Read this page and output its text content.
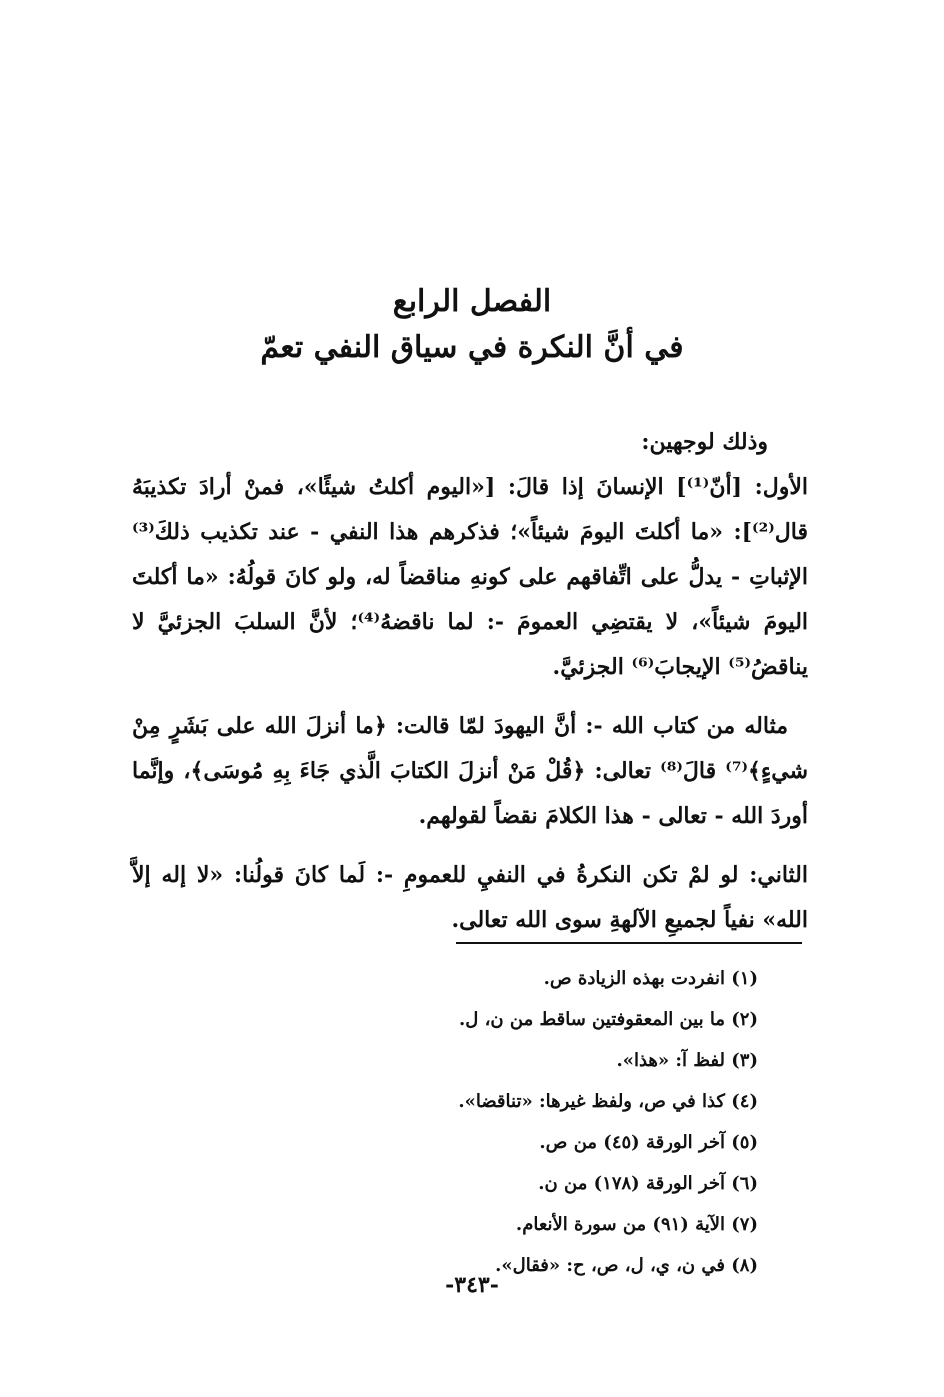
الفصل الرابع
في أنَّ النكرة في سياق النفي تعمّ

وذلك لوجهين:

الأول: [أنّ⁽¹⁾] الإنسانَ إذا قالَ: [«اليوم أكلتُ شيئًا»، فمنْ أرادَ تكذيبَهُ قال⁽²⁾]: «ما أكلتَ اليومَ شيئاً»؛ فذكرهم هذا النفي - عند تكذيب ذلكَ⁽³⁾ الإثباتِ - يدلُّ على اتِّفاقهم على كونهِ مناقضاً له، ولو كانَ قولُهُ: «ما أكلتَ اليومَ شيئاً»، لا يقتضِي العمومَ -: لما ناقضهُ⁽⁴⁾؛ لأنَّ السلبَ الجزئيَّ لا يناقضُ⁽⁵⁾ الإيجابَ⁽⁶⁾ الجزئيَّ.

مثاله من كتاب الله -: أنَّ اليهودَ لمّا قالت: ﴿ما أنزلَ الله على بَشَرٍ مِنْ شيءٍ﴾⁽⁷⁾ قالَ⁽⁸⁾ تعالى: ﴿قُلْ مَنْ أنزلَ الكتابَ الَّذي جَاءَ بِهِ مُوسَى﴾، وإنَّما أوردَ الله - تعالى - هذا الكلامَ نقضاً لقولهم.

الثاني: لو لمْ تكن النكرةُ في النفيِ للعمومِ -: لَما كانَ قولُنا: «لا إله إلاَّ الله» نفياً لجميعِ الآلهةِ سوى الله تعالى.

(١) انفردت بهذه الزيادة ص.
(٢) ما بين المعقوفتين ساقط من ن، ل.
(٣) لفظ آ: «هذا».
(٤) كذا في ص، ولفظ غيرها: «تناقضا».
(٥) آخر الورقة (٤٥) من ص.
(٦) آخر الورقة (١٧٨) من ن.
(٧) الآية (٩١) من سورة الأنعام.
(٨) في ن، ي، ل، ص، ح: «فقال».
-٣٤٣-
